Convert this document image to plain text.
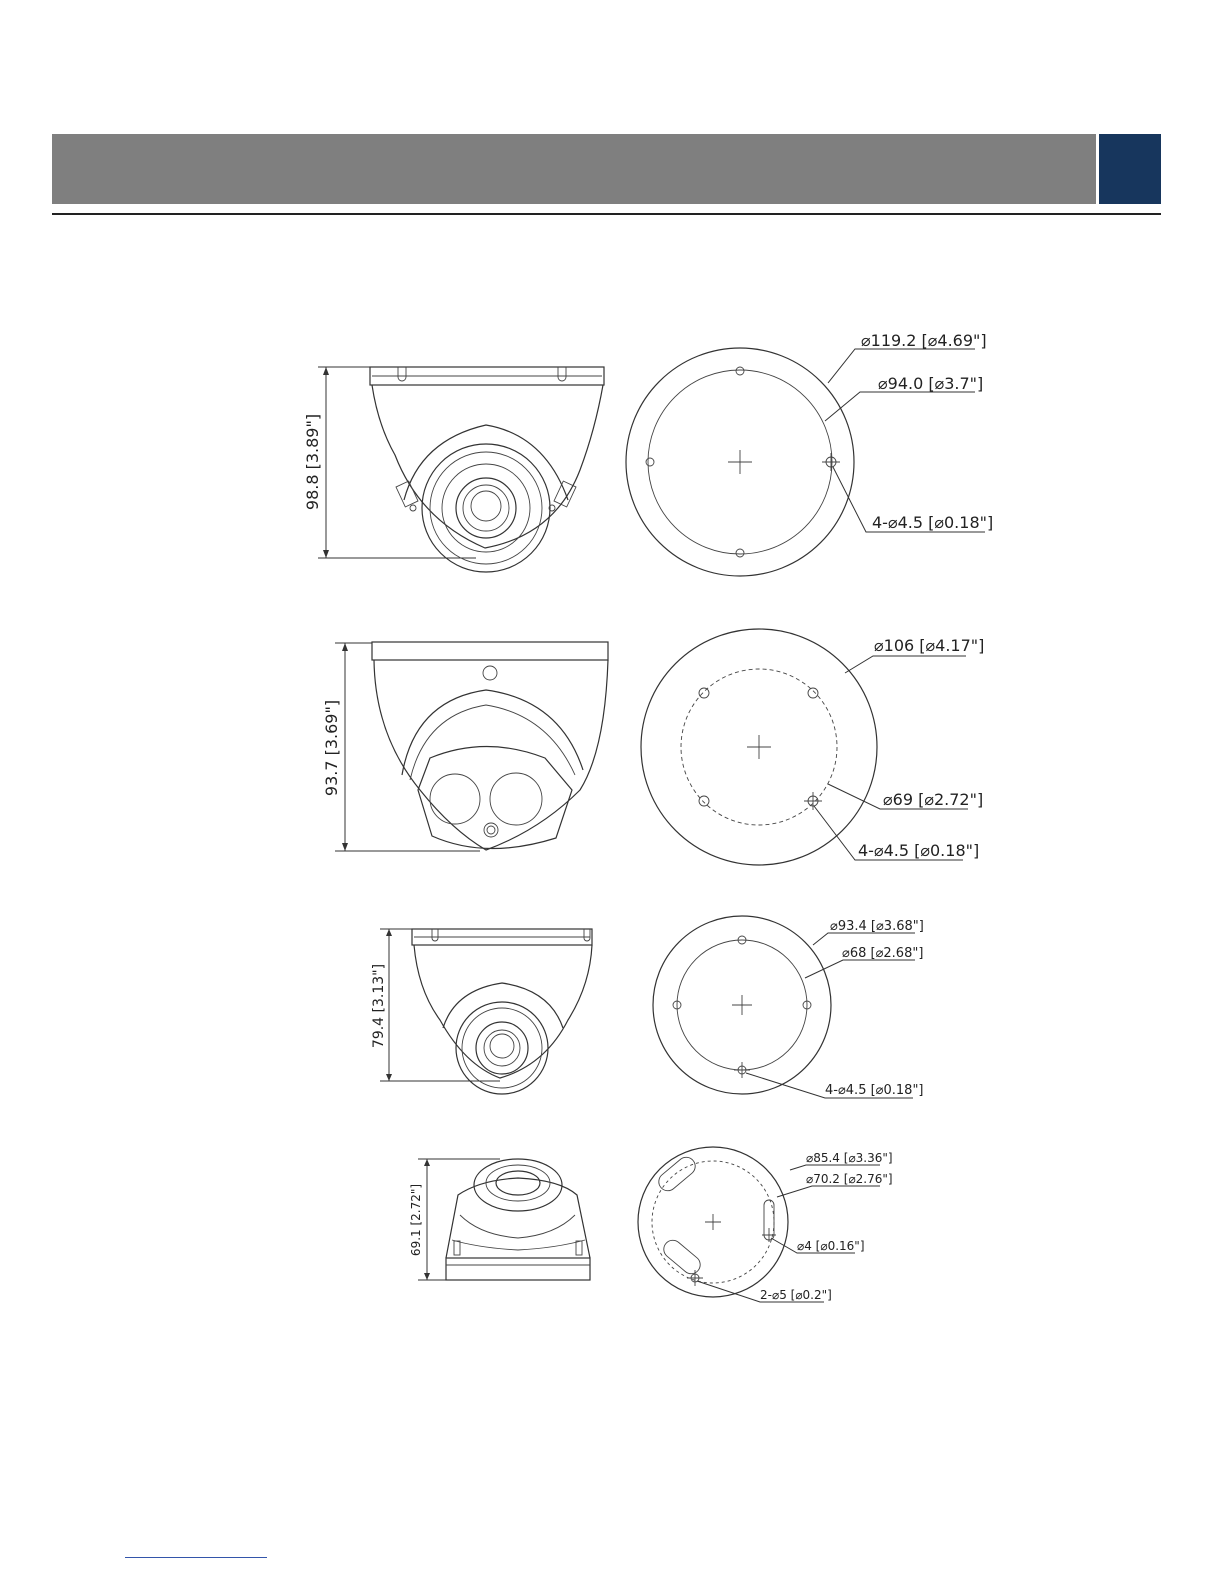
98.8 [3.89"]
⌀119.2 [⌀4.69"]
⌀94.0 [⌀3.7"]
4-⌀4.5 [⌀0.18"]
93.7 [3.69"]
⌀106 [⌀4.17"]
⌀69 [⌀2.72"]
4-⌀4.5 [⌀0.18"]
79.4 [3.13"]
⌀93.4 [⌀3.68"]
⌀68 [⌀2.68"]
4-⌀4.5 [⌀0.18"]
69.1 [2.72"]
⌀85.4 [⌀3.36"]
⌀70.2 [⌀2.76"]
⌀4 [⌀0.16"]
2-⌀5 [⌀0.2"]
